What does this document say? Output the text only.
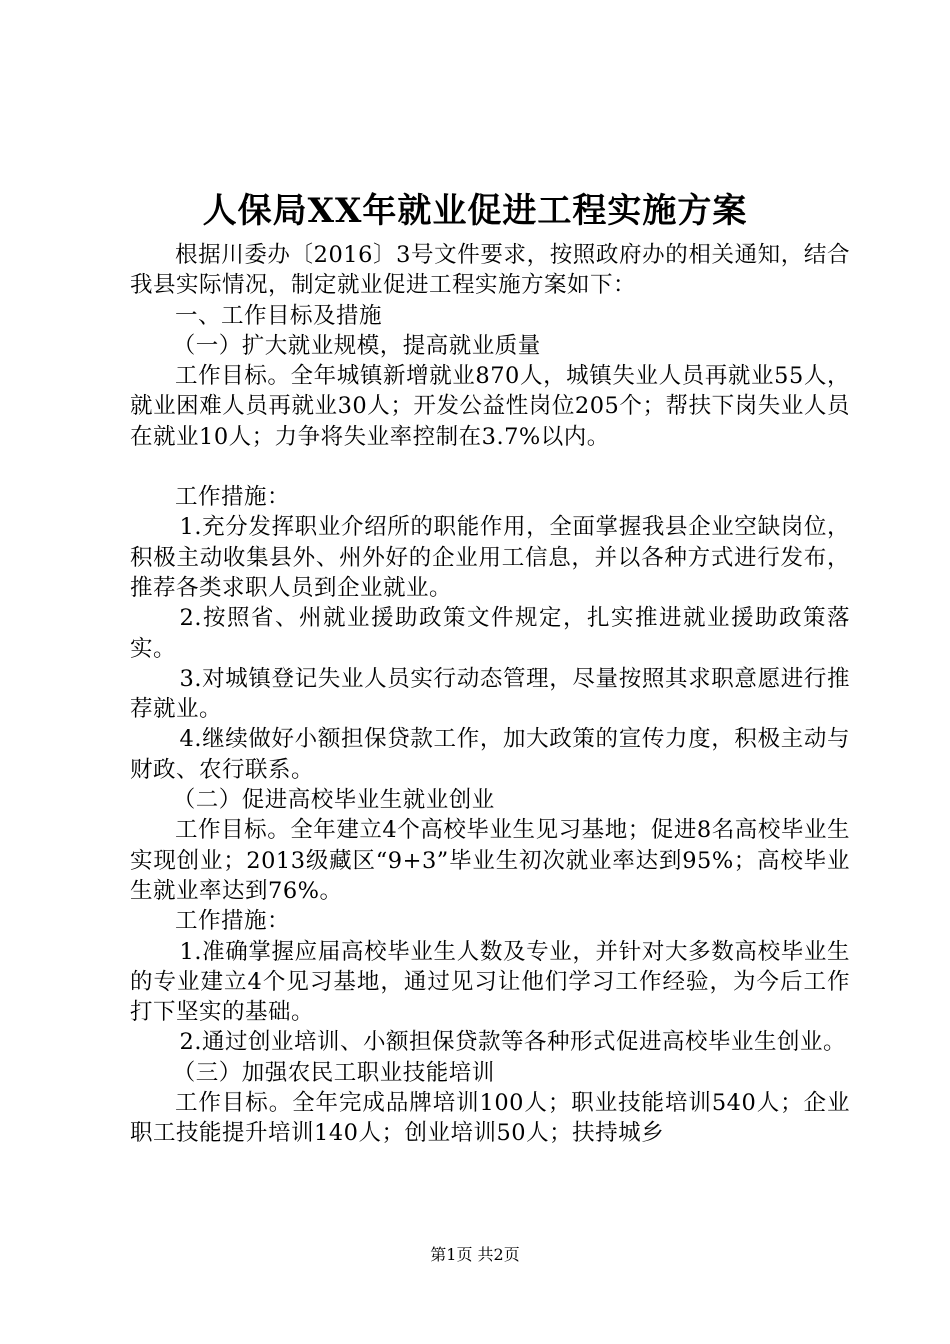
人保局XX年就业促进工程实施方案

根据川委办〔2016〕3号文件要求，按照政府办的相关通知，结合我县实际情况，制定就业促进工程实施方案如下：

一、工作目标及措施

（一）扩大就业规模，提高就业质量

工作目标。全年城镇新增就业870人，城镇失业人员再就业55人，就业困难人员再就业30人；开发公益性岗位205个；帮扶下岗失业人员在就业10人；力争将失业率控制在3.7%以内。

工作措施：

1.充分发挥职业介绍所的职能作用，全面掌握我县企业空缺岗位，积极主动收集县外、州外好的企业用工信息，并以各种方式进行发布，推荐各类求职人员到企业就业。

2.按照省、州就业援助政策文件规定，扎实推进就业援助政策落实。

3.对城镇登记失业人员实行动态管理，尽量按照其求职意愿进行推荐就业。

4.继续做好小额担保贷款工作，加大政策的宣传力度，积极主动与财政、农行联系。

（二）促进高校毕业生就业创业

工作目标。全年建立4个高校毕业生见习基地；促进8名高校毕业生实现创业；2013级藏区“9+3”毕业生初次就业率达到95%；高校毕业生就业率达到76%。

工作措施：

1.准确掌握应届高校毕业生人数及专业，并针对大多数高校毕业生的专业建立4个见习基地，通过见习让他们学习工作经验，为今后工作打下坚实的基础。

2.通过创业培训、小额担保贷款等各种形式促进高校毕业生创业。

（三）加强农民工职业技能培训

工作目标。全年完成品牌培训100人；职业技能培训540人；企业职工技能提升培训140人；创业培训50人；扶持城乡

第1页 共2页
